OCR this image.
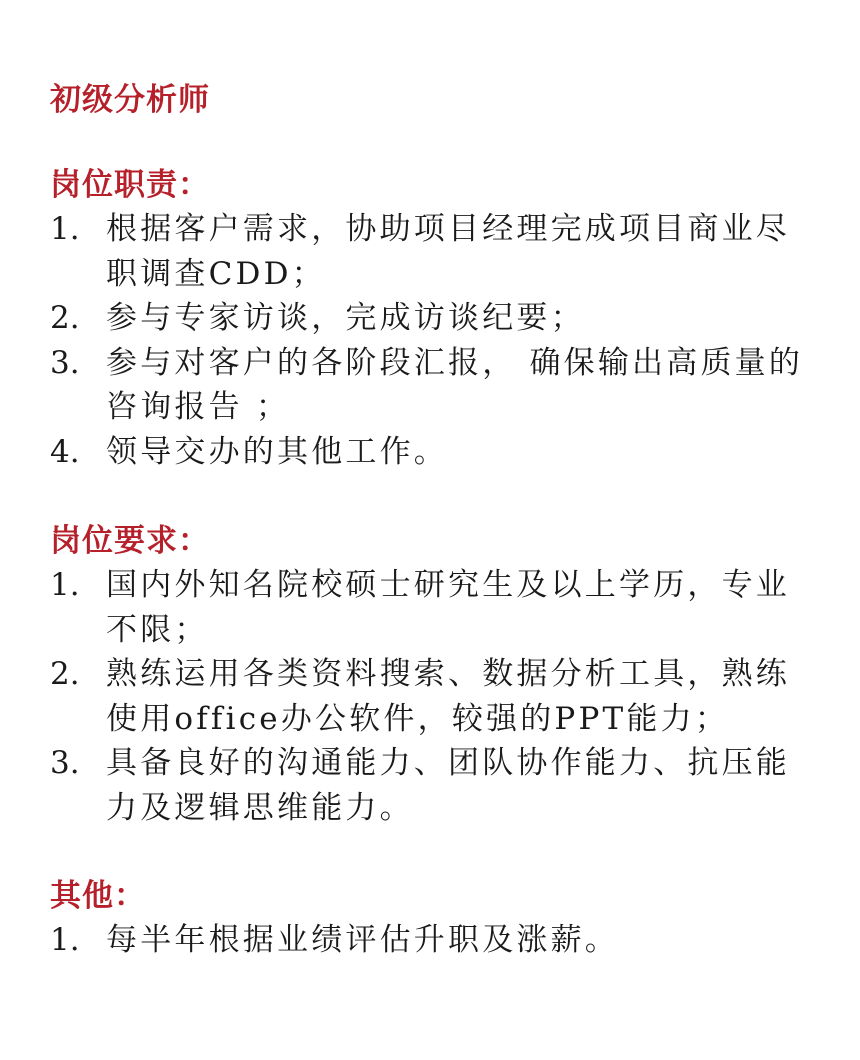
初级分析师
岗位职责：
1. 根据客户需求，协助项目经理完成项目商业尽职调查CDD；
2. 参与专家访谈，完成访谈纪要；
3. 参与对客户的各阶段汇报， 确保输出高质量的咨询报告 ；
4. 领导交办的其他工作。
岗位要求：
1. 国内外知名院校硕士研究生及以上学历，专业不限；
2. 熟练运用各类资料搜索、数据分析工具，熟练使用office办公软件，较强的PPT能力；
3. 具备良好的沟通能力、团队协作能力、抗压能力及逻辑思维能力。
其他：
1. 每半年根据业绩评估升职及涨薪。
